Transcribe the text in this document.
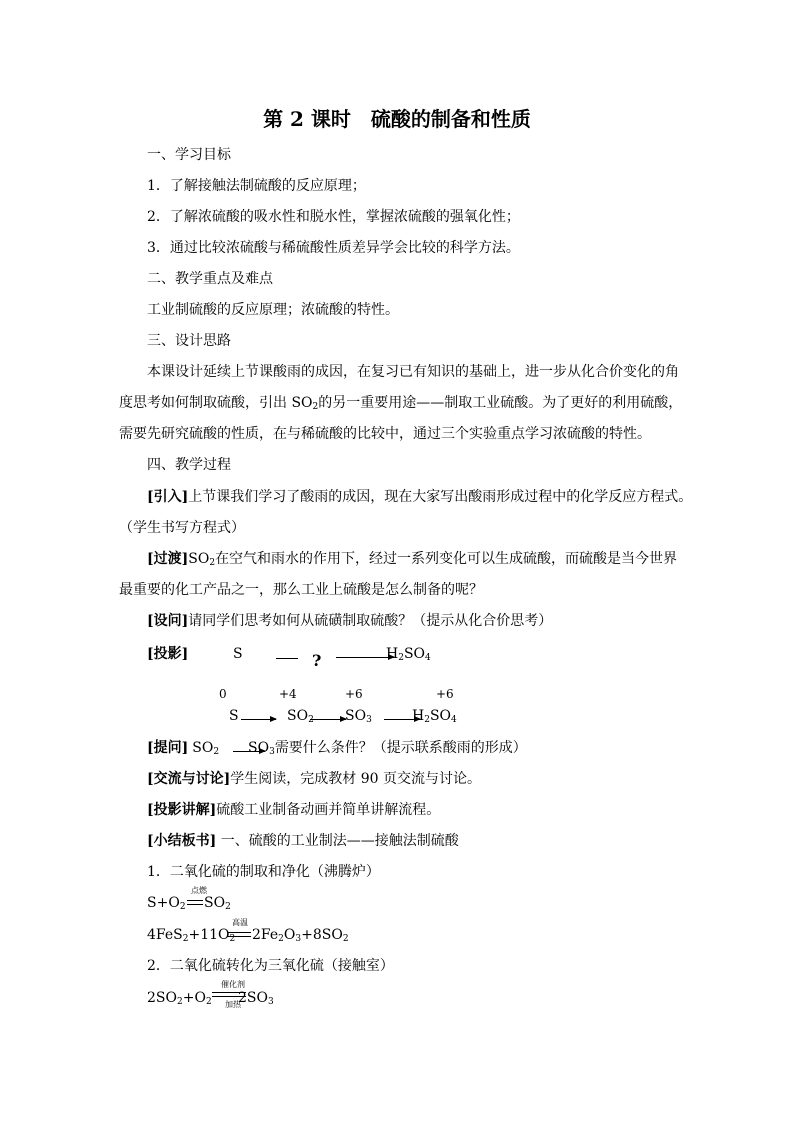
第 2 课时　硫酸的制备和性质
一、学习目标
1．了解接触法制硫酸的反应原理；
2．了解浓硫酸的吸水性和脱水性，掌握浓硫酸的强氧化性；
3．通过比较浓硫酸与稀硫酸性质差异学会比较的科学方法。
二、教学重点及难点
工业制硫酸的反应原理；浓硫酸的特性。
三、设计思路
本课设计延续上节课酸雨的成因，在复习已有知识的基础上，进一步从化合价变化的角
度思考如何制取硫酸，引出 $SO_2$的另一重要用途——制取工业硫酸。为了更好的利用硫酸，
需要先研究硫酸的性质，在与稀硫酸的比较中，通过三个实验重点学习浓硫酸的特性。
四、教学过程
[引入]上节课我们学习了酸雨的成因，现在大家写出酸雨形成过程中的化学反应方程式。
（学生书写方程式）
[过渡]$SO_2$在空气和雨水的作用下，经过一系列变化可以生成硫酸，而硫酸是当今世界
最重要的化工产品之一，那么工业上硫酸是怎么制备的呢？
[设问]请同学们思考如何从硫磺制取硫酸？（提示从化合价思考）
[投影]	S	?	$H_2SO_4$
0	+4	+6	+6
S	$SO_2$ $SO_3$	$H_2SO_4$
[提问] $SO_2$ $SO_3$需要什么条件？（提示联系酸雨的形成）
[交流与讨论]学生阅读，完成教材 90 页交流与讨论。
[投影讲解]硫酸工业制备动画并简单讲解流程。
[小结板书] 一、硫酸的工业制法——接触法制硫酸
1．二氧化硫的制取和净化（沸腾炉）
$S+O_2$
点燃
$SO_2$
$4FeS_2+11O_2$
高温
$2Fe_2O_3+8SO_2$
2．二氧化硫转化为三氧化硫（接触室）
$2SO_2+O_2$
催化剂
加热
$2SO_3$
